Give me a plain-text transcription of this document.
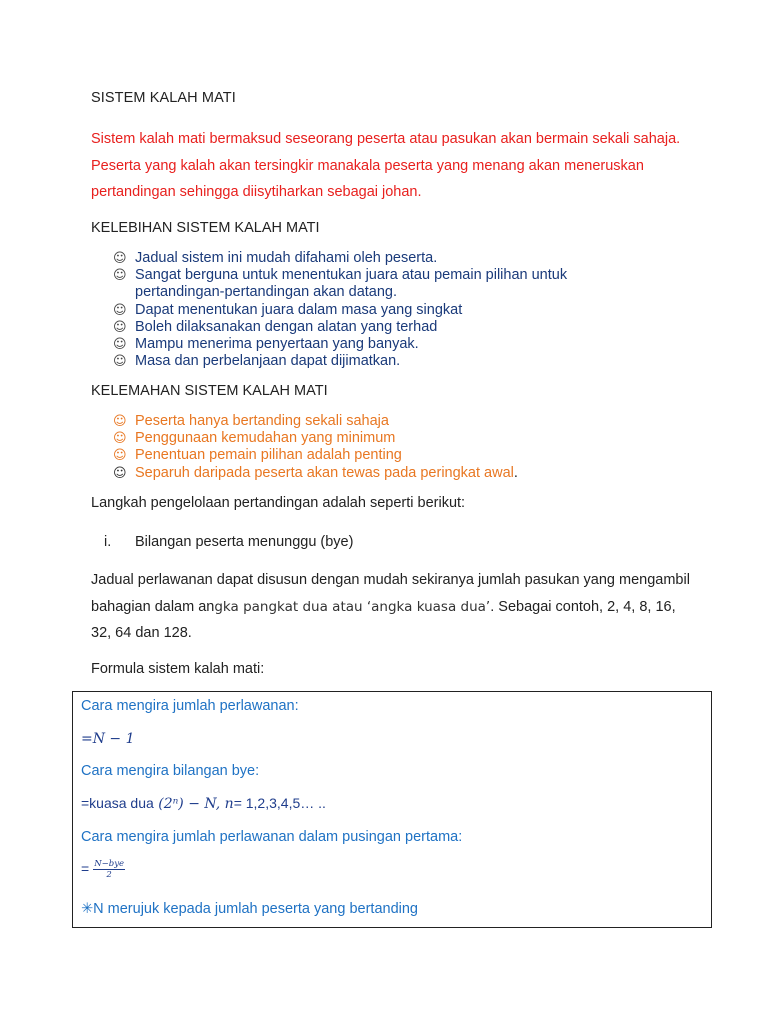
SISTEM KALAH MATI
Sistem kalah mati bermaksud seseorang peserta atau pasukan akan bermain sekali sahaja. Peserta yang kalah akan tersingkir manakala peserta yang menang akan meneruskan pertandingan sehingga diisytiharkan sebagai johan.
KELEBIHAN SISTEM KALAH MATI
☺ Jadual sistem ini mudah difahami oleh peserta.
☺ Sangat berguna untuk menentukan juara atau pemain pilihan untuk pertandingan-pertandingan akan datang.
☺ Dapat menentukan juara dalam masa yang singkat
☺ Boleh dilaksanakan dengan alatan yang terhad
☺ Mampu menerima penyertaan yang banyak.
☺ Masa dan perbelanjaan dapat dijimatkan.
KELEMAHAN SISTEM KALAH MATI
☺ Peserta hanya bertanding sekali sahaja
☺ Penggunaan kemudahan yang minimum
☺ Penentuan pemain pilihan adalah penting
☺ Separuh daripada peserta akan tewas pada peringkat awal.
Langkah pengelolaan pertandingan adalah seperti berikut:
i. Bilangan peserta menunggu (bye)
Jadual perlawanan dapat disusun dengan mudah sekiranya jumlah pasukan yang mengambil bahagian dalam angka pangkat dua atau ‘angka kuasa dua’. Sebagai contoh, 2, 4, 8, 16, 32, 64 dan 128.
Formula sistem kalah mati:
Cara mengira jumlah perlawanan:
=N − 1
Cara mengira bilangan bye:
=kuasa dua (2ⁿ) − N, n= 1,2,3,4,5… ..
Cara mengira jumlah perlawanan dalam pusingan pertama:
= $\frac{\text{N−bye}}{2}$
✳N merujuk kepada jumlah peserta yang bertanding
